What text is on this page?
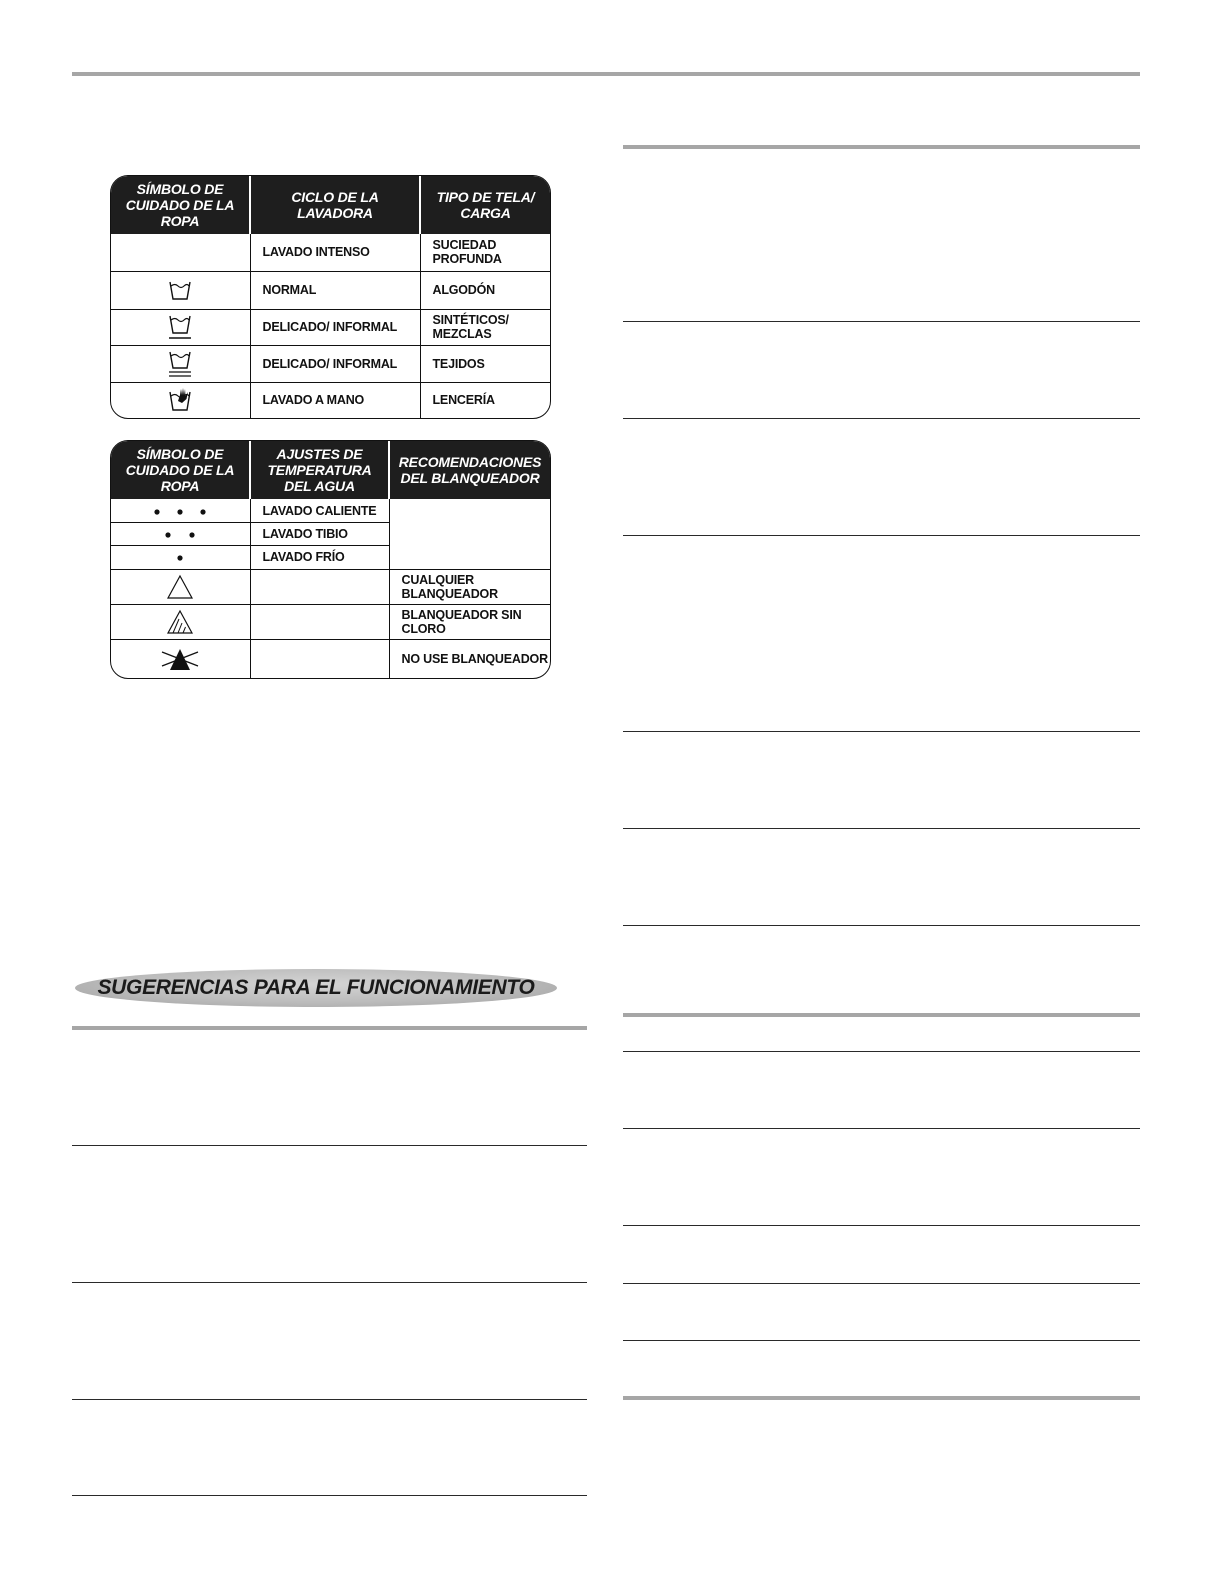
SÍMBOLO DE CUIDADO DE LA ROPA	CICLO DE LA LAVADORA	TIPO DE TELA/ CARGA
	LAVADO INTENSO	SUCIEDAD PROFUNDA
	NORMAL	ALGODÓN
	DELICADO/ INFORMAL	SINTÉTICOS/ MEZCLAS
	DELICADO/ INFORMAL	TEJIDOS
	LAVADO A MANO	LENCERÍA
SÍMBOLO DE CUIDADO DE LA ROPA	AJUSTES DE TEMPERATURA DEL AGUA	RECOMENDACIONES DEL BLANQUEADOR
	LAVADO CALIENTE	
	LAVADO TIBIO	
	LAVADO FRÍO	
		CUALQUIER BLANQUEADOR
		BLANQUEADOR SIN CLORO
		NO USE BLANQUEADOR
SUGERENCIAS PARA EL FUNCIONAMIENTO
